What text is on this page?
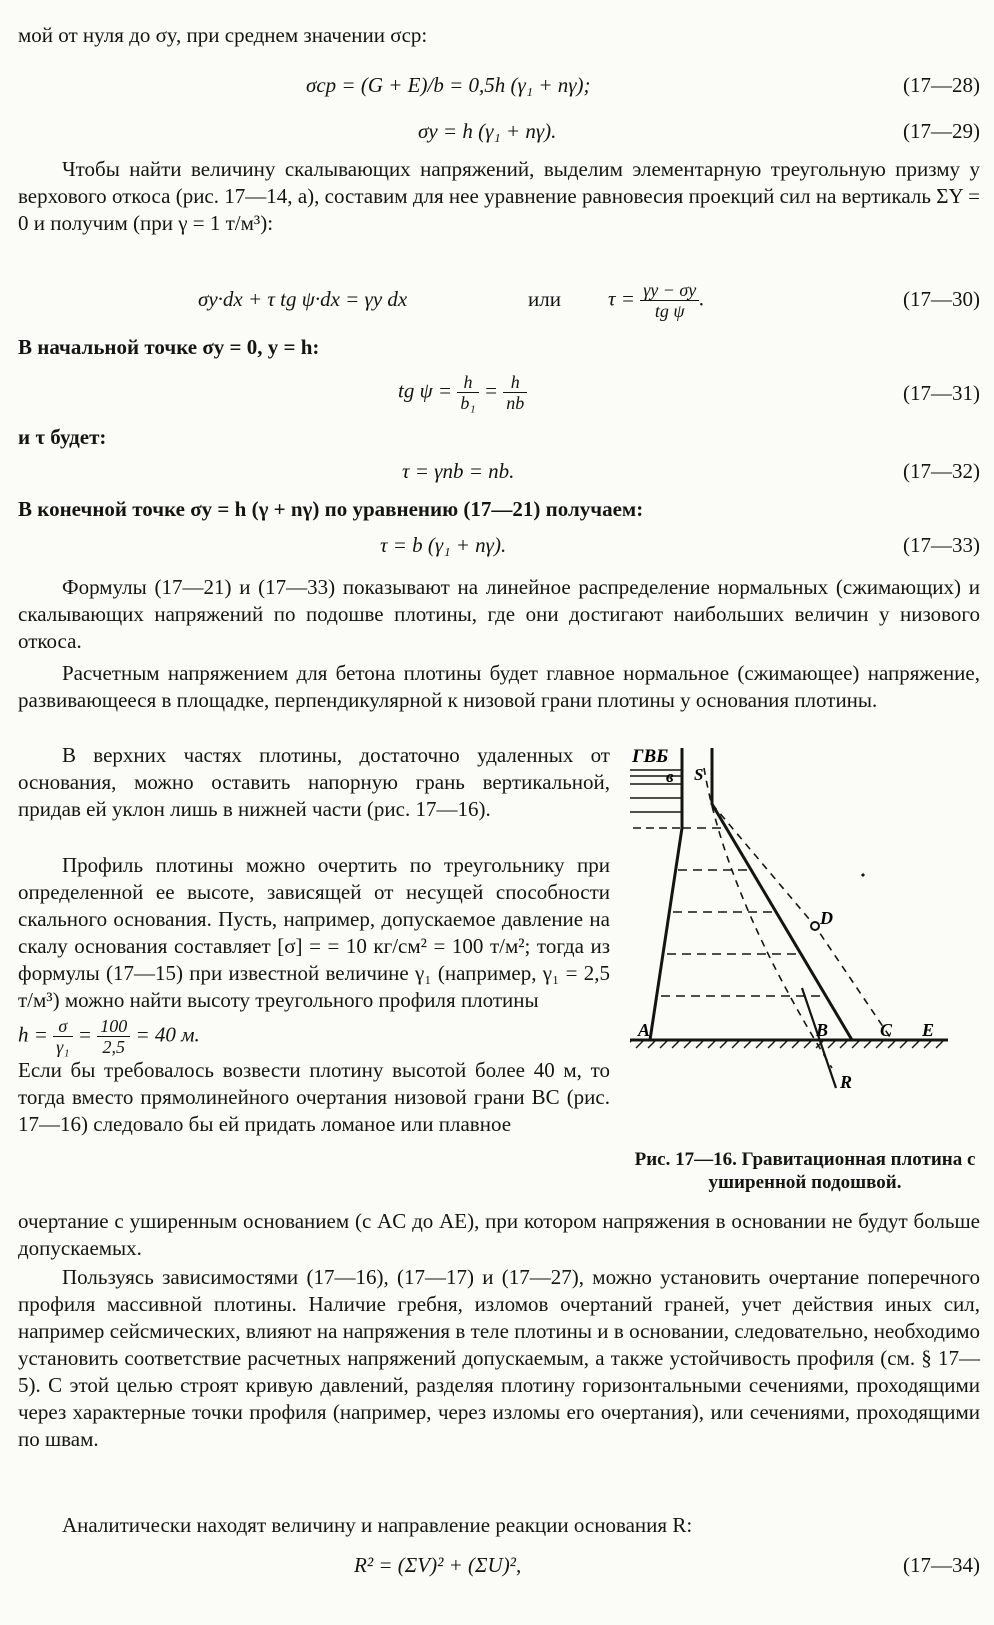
мой от нуля до σy, при среднем значении σср:

σср = (G + E)/b = 0,5h (γ₁ + nγ);	(17—28)
σy = h (γ₁ + nγ).	(17—29)

Чтобы найти величину скалывающих напряжений, выделим элементарную треугольную призму у верхового откоса (рис. 17—14, а), составим для нее уравнение равновесия проекций сил на вертикаль ΣY = 0 и получим (при γ = 1 т/м³):

σy·dx + τ tg ψ·dx = γy dx	или $\tau = \frac{\gamma y - \sigma y}{\text{tg ψ}}$ .	(17—30)

В начальной точке σy = 0, y = h:

tg $\psi = \frac{h}{\text{b₁}} = \frac{h}{nb}$	(17—31)

и τ будет:

τ = γnb = nb.	(17—32)

В конечной точке σy = h (γ + nγ) по уравнению (17—21) получаем:

τ = b (γ₁ + nγ).	(17—33)

Формулы (17—21) и (17—33) показывают на линейное распределение нормальных (сжимающих) и скалывающих напряжений по подошве плотины, где они достигают наибольших величин у низового откоса.

Расчетным напряжением для бетона плотины будет главное нормальное (сжимающее) напряжение, развивающееся в площадке, перпендикулярной к низовой грани плотины у основания плотины.

В верхних частях плотины, достаточно удаленных от основания, можно оставить напорную грань вертикальной, придав ей уклон лишь в нижней части (рис. 17—16).

Профиль плотины можно очертить по треугольнику при определенной ее высоте, зависящей от несущей способности скального основания. Пусть, например, допускаемое давление на скалу основания составляет [σ] = = 10 кг/см² = 100 т/м²; тогда из формулы (17—15) при известной величине γ₁ (например, γ₁ = 2,5 т/м³) можно найти высоту треугольного профиля плотины

$h = \frac{\sigma}{\text{γ₁}} = \frac{100}{2,5} = 40$ м.

Если бы требовалось возвести плотину высотой более 40 м, то тогда вместо прямолинейного очертания низовой грани BC (рис. 17—16) следовало бы ей придать ломаное или плавное

очертание с уширенным основанием (с AC до AE), при котором напряжения в основании не будут больше допускаемых.

Пользуясь зависимостями (17—16), (17—17) и (17—27), можно установить очертание поперечного профиля массивной плотины. Наличие гребня, изломов очертаний граней, учет действия иных сил, например сейсмических, влияют на напряжения в теле плотины и в основании, следовательно, необходимо установить соответствие расчетных напряжений допускаемым, а также устойчивость профиля (см. § 17—5). С этой целью строят кривую давлений, разделяя плотину горизонтальными сечениями, проходящими через характерные точки профиля (например, через изломы его очертания), или сечениями, проходящими по швам.

Аналитически находят величину и направление реакции основания R:

R² = (ΣV)² + (ΣU)²,	(17—34)
ГВБ
в S
D
A	B	C E
R
Рис. 17—16. Гравитационная плотина с уширенной подошвой.
